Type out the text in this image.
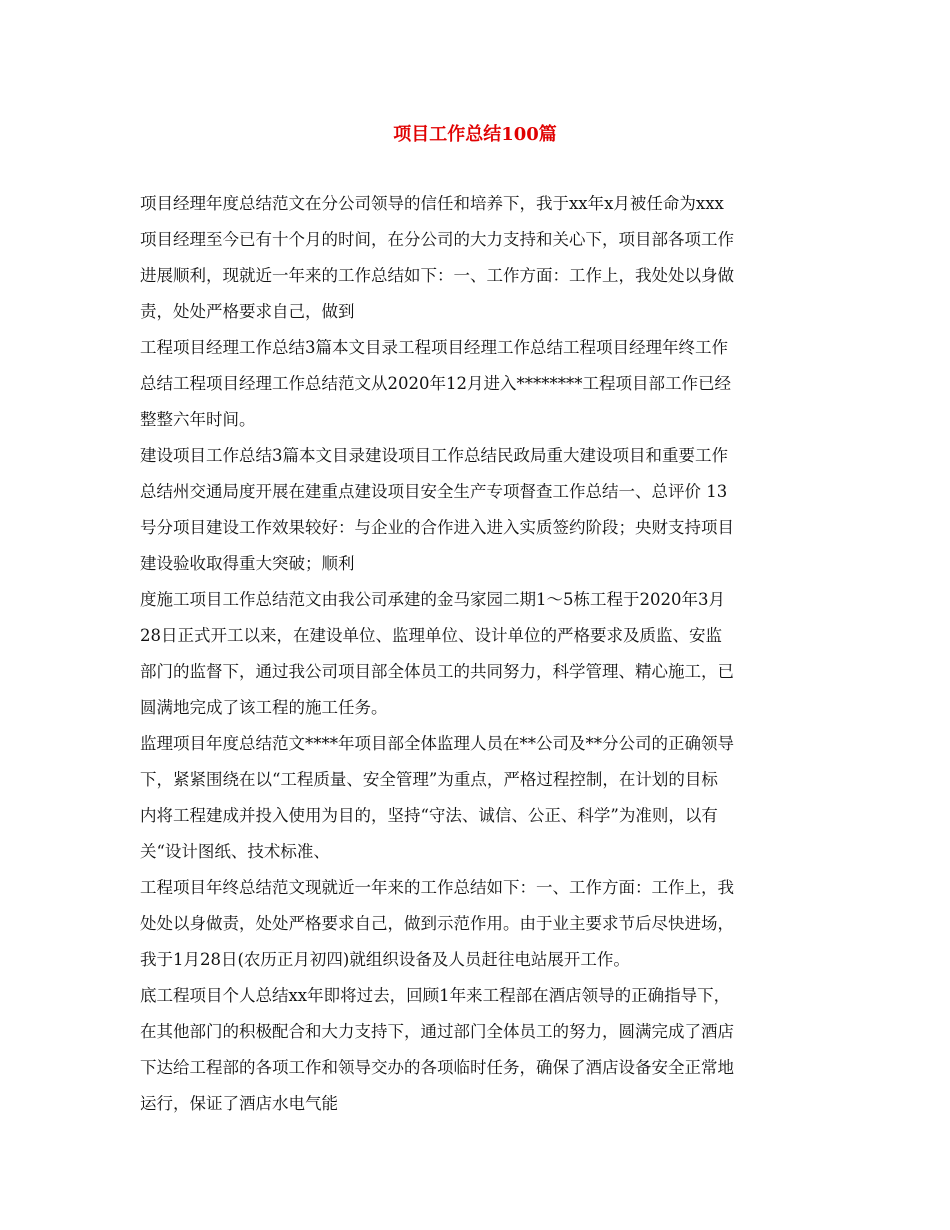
项目工作总结100篇
项目经理年度总结范文在分公司领导的信任和培养下，我于xx年x月被任命为xxx
项目经理至今已有十个月的时间，在分公司的大力支持和关心下，项目部各项工作
进展顺利，现就近一年来的工作总结如下：一、工作方面：工作上，我处处以身做
责，处处严格要求自己，做到
工程项目经理工作总结3篇本文目录工程项目经理工作总结工程项目经理年终工作
总结工程项目经理工作总结范文从2020年12月进入********工程项目部工作已经
整整六年时间。
建设项目工作总结3篇本文目录建设项目工作总结民政局重大建设项目和重要工作
总结州交通局度开展在建重点建设项目安全生产专项督查工作总结一、总评价 13
号分项目建设工作效果较好：与企业的合作进入进入实质签约阶段；央财支持项目
建设验收取得重大突破；顺利
度施工项目工作总结范文由我公司承建的金马家园二期1～5栋工程于2020年3月
28日正式开工以来，在建设单位、监理单位、设计单位的严格要求及质监、安监
部门的监督下，通过我公司项目部全体员工的共同努力，科学管理、精心施工，已
圆满地完成了该工程的施工任务。
监理项目年度总结范文****年项目部全体监理人员在**公司及**分公司的正确领导
下，紧紧围绕在以“工程质量、安全管理”为重点，严格过程控制，在计划的目标
内将工程建成并投入使用为目的，坚持“守法、诚信、公正、科学”为准则，以有
关“设计图纸、技术标准、
工程项目年终总结范文现就近一年来的工作总结如下：一、工作方面：工作上，我
处处以身做责，处处严格要求自己，做到示范作用。由于业主要求节后尽快进场，
我于1月28日(农历正月初四)就组织设备及人员赶往电站展开工作。
底工程项目个人总结xx年即将过去，回顾1年来工程部在酒店领导的正确指导下，
在其他部门的积极配合和大力支持下，通过部门全体员工的努力，圆满完成了酒店
下达给工程部的各项工作和领导交办的各项临时任务，确保了酒店设备安全正常地
运行，保证了酒店水电气能
